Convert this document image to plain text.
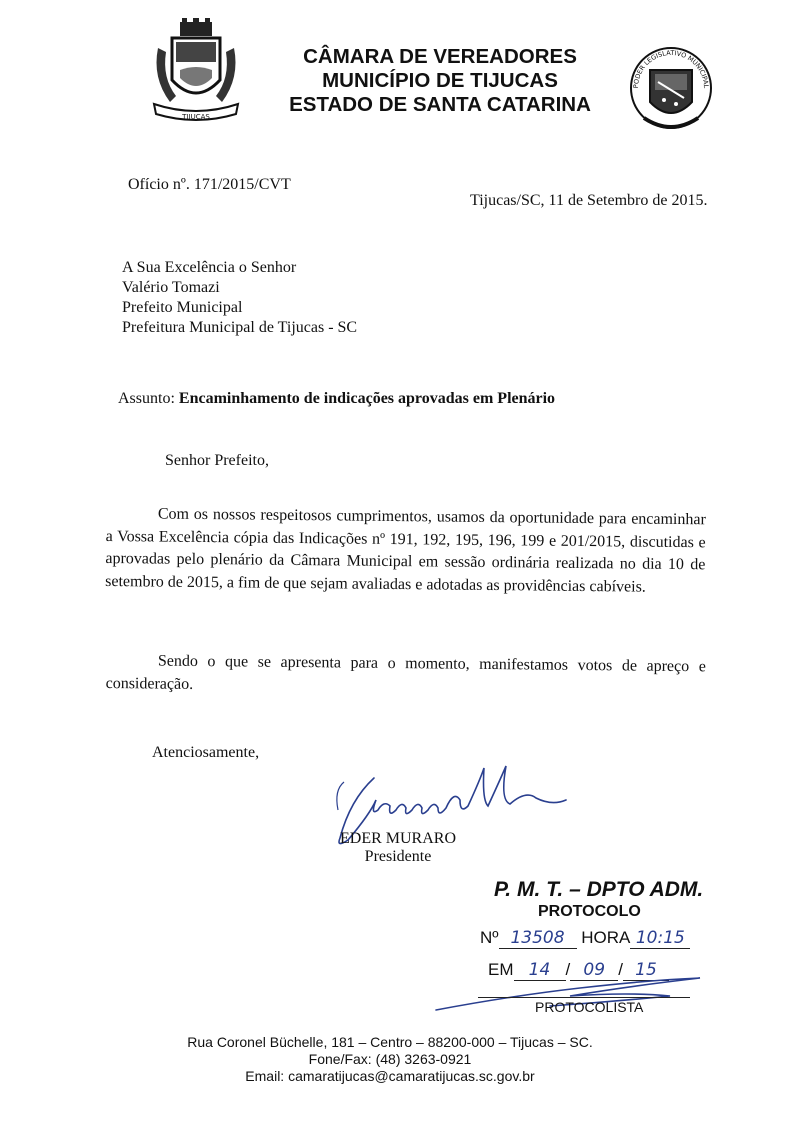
TIJUCAS
CÂMARA DE VEREADORES
MUNICÍPIO DE TIJUCAS
ESTADO DE SANTA CATARINA
PODER LEGISLATIVO MUNICIPAL
Ofício nº. 171/2015/CVT
Tijucas/SC, 11 de Setembro de 2015.
A Sua Excelência o Senhor
Valério Tomazi
Prefeito Municipal
Prefeitura Municipal de Tijucas - SC
Assunto: Encaminhamento de indicações aprovadas em Plenário
Senhor Prefeito,
Com os nossos respeitosos cumprimentos, usamos da oportunidade para encaminhar a Vossa Excelência cópia das Indicações nº 191, 192, 195, 196, 199 e 201/2015, discutidas e aprovadas pelo plenário da Câmara Municipal em sessão ordinária realizada no dia 10 de setembro de 2015, a fim de que sejam avaliadas e adotadas as providências cabíveis.
Sendo o que se apresenta para o momento, manifestamos votos de apreço e consideração.
Atenciosamente,
EDER MURARO
Presidente
P. M. T. – DPTO ADM.
PROTOCOLO
Nº 13508 HORA 10:15
EM 14 / 09 / 15
PROTOCOLISTA
Rua Coronel Büchelle, 181 – Centro – 88200-000 – Tijucas – SC.
Fone/Fax: (48) 3263-0921
Email: camaratijucas@camaratijucas.sc.gov.br
